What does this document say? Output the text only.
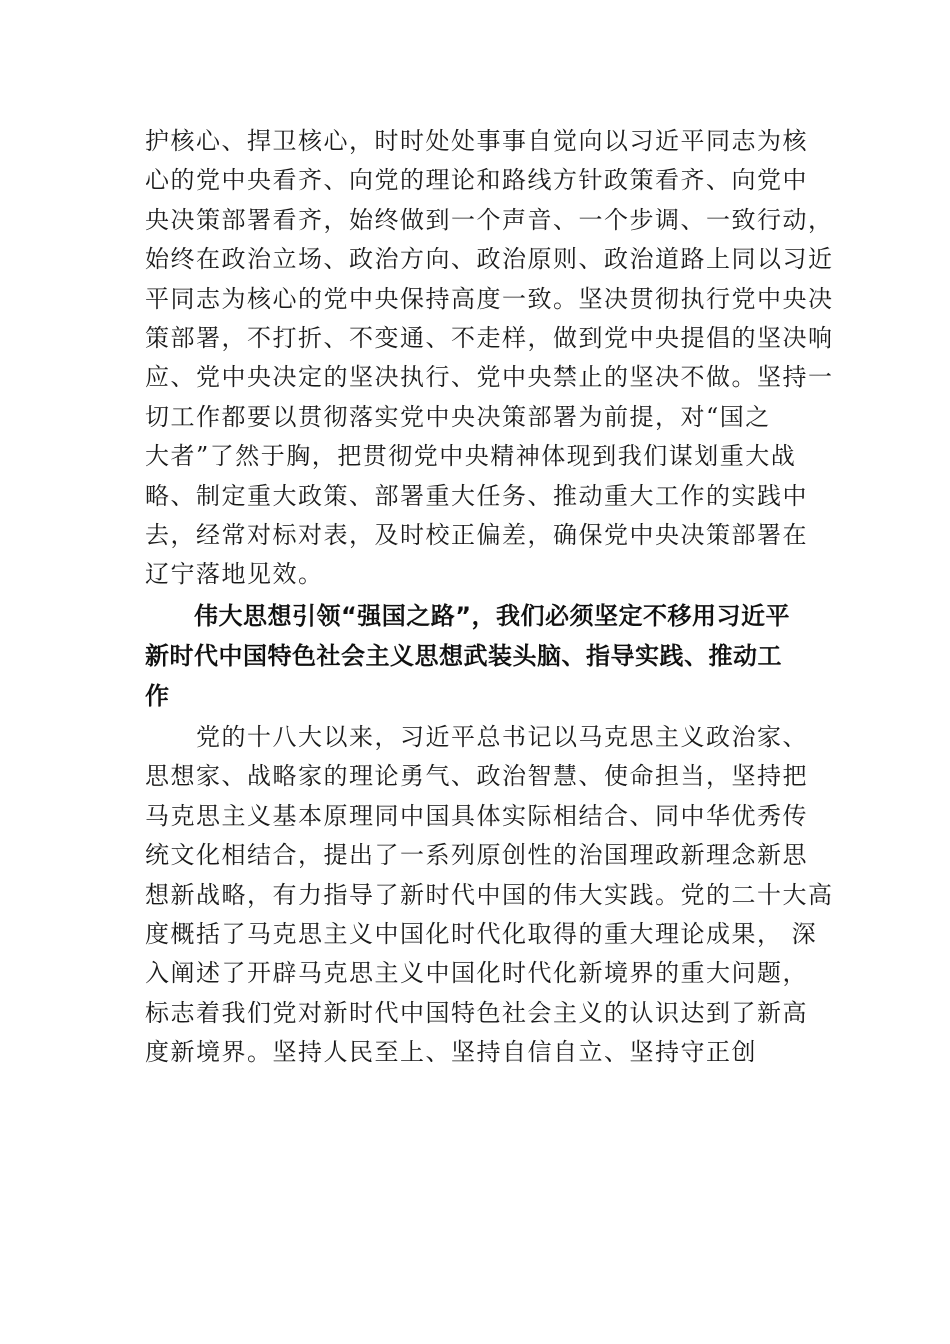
护核心、捍卫核心，时时处处事事自觉向以习近平同志为核
心的党中央看齐、向党的理论和路线方针政策看齐、向党中
央决策部署看齐，始终做到一个声音、一个步调、一致行动，
始终在政治立场、政治方向、政治原则、政治道路上同以习近
平同志为核心的党中央保持高度一致。坚决贯彻执行党中央决
策部署，不打折、不变通、不走样，做到党中央提倡的坚决响
应、党中央决定的坚决执行、党中央禁止的坚决不做。坚持一
切工作都要以贯彻落实党中央决策部署为前提，对“国之
大者”了然于胸，把贯彻党中央精神体现到我们谋划重大战
略、制定重大政策、部署重大任务、推动重大工作的实践中
去，经常对标对表，及时校正偏差，确保党中央决策部署在
辽宁落地见效。
　　伟大思想引领“强国之路”，我们必须坚定不移用习近平
新时代中国特色社会主义思想武装头脑、指导实践、推动工
作
　　党的十八大以来，习近平总书记以马克思主义政治家、
思想家、战略家的理论勇气、政治智慧、使命担当，坚持把
马克思主义基本原理同中国具体实际相结合、同中华优秀传
统文化相结合，提出了一系列原创性的治国理政新理念新思
想新战略，有力指导了新时代中国的伟大实践。党的二十大高
度概括了马克思主义中国化时代化取得的重大理论成果， 深
入阐述了开辟马克思主义中国化时代化新境界的重大问题，
标志着我们党对新时代中国特色社会主义的认识达到了新高
度新境界。坚持人民至上、坚持自信自立、坚持守正创
